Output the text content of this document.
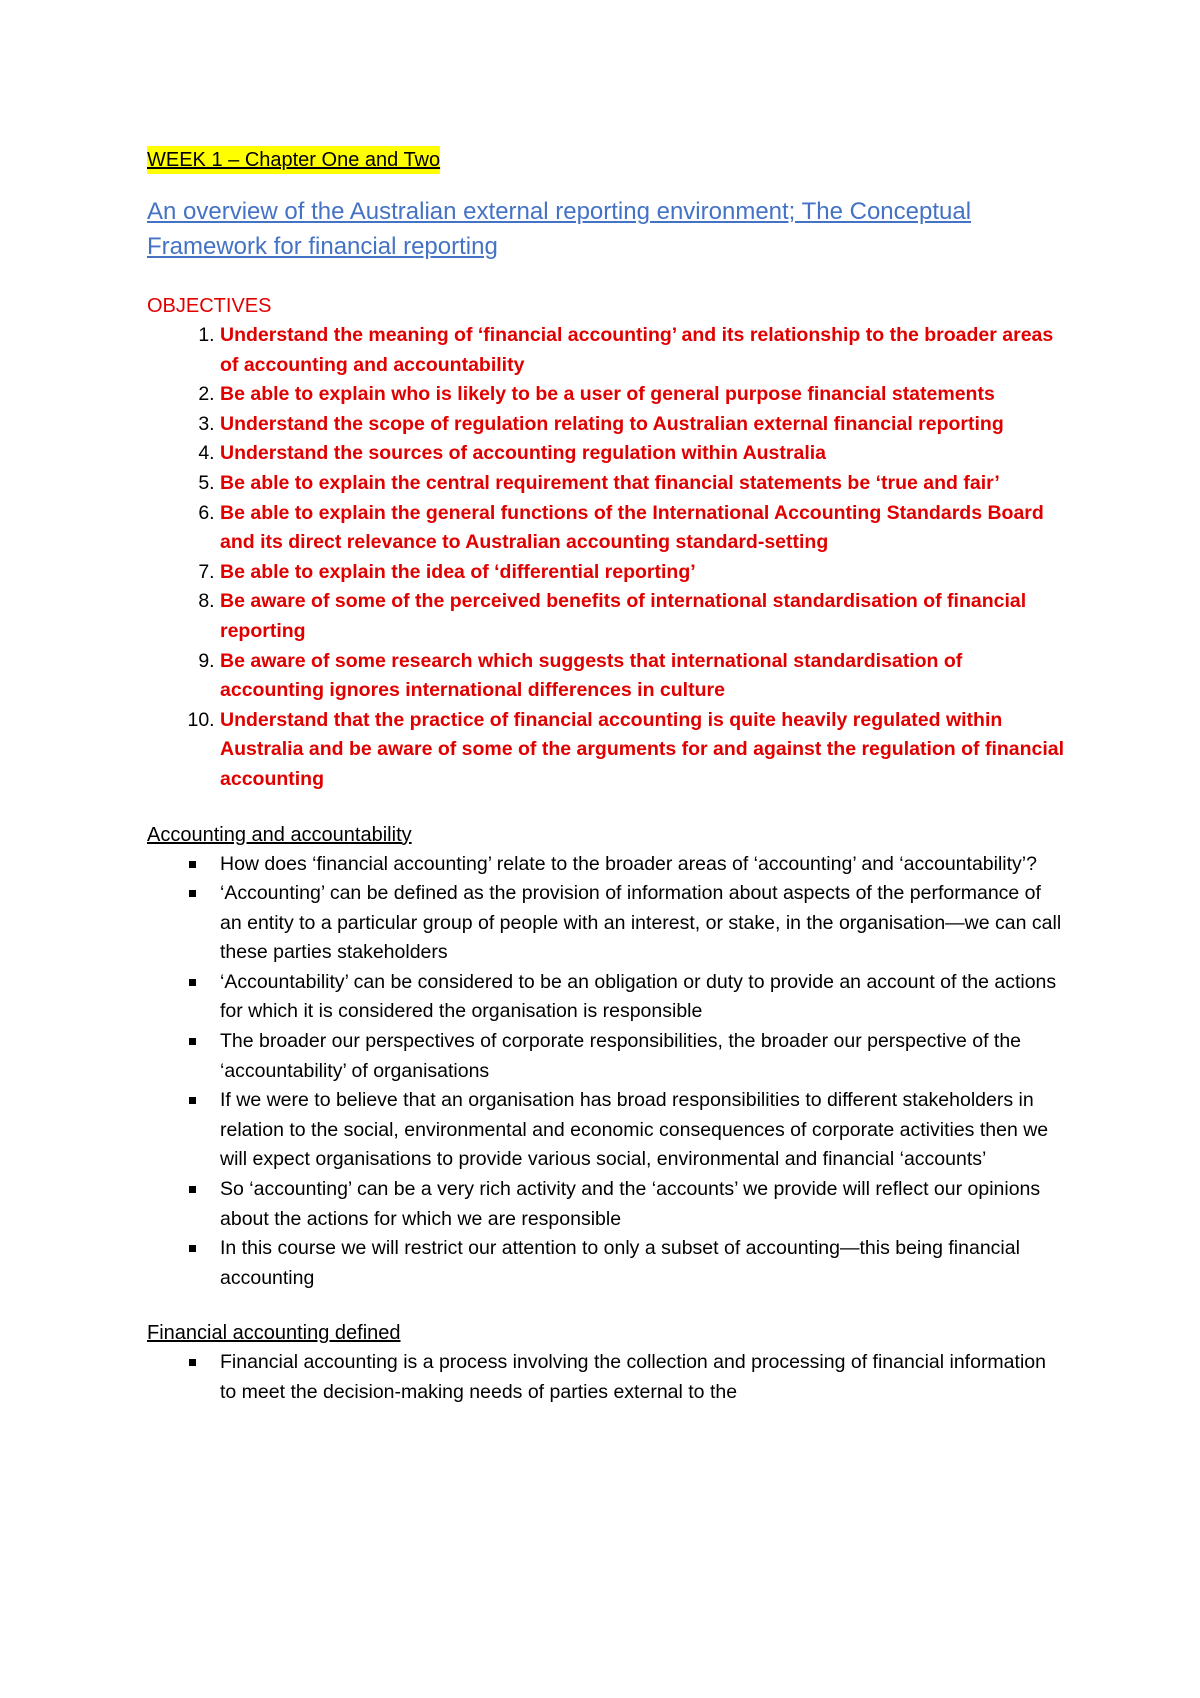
WEEK 1 – Chapter One and Two
An overview of the Australian external reporting environment; The Conceptual Framework for financial reporting
OBJECTIVES
1. Understand the meaning of ‘financial accounting’ and its relationship to the broader areas of accounting and accountability
2. Be able to explain who is likely to be a user of general purpose financial statements
3. Understand the scope of regulation relating to Australian external financial reporting
4. Understand the sources of accounting regulation within Australia
5. Be able to explain the central requirement that financial statements be ‘true and fair’
6. Be able to explain the general functions of the International Accounting Standards Board and its direct relevance to Australian accounting standard-setting
7. Be able to explain the idea of ‘differential reporting’
8. Be aware of some of the perceived benefits of international standardisation of financial reporting
9. Be aware of some research which suggests that international standardisation of accounting ignores international differences in culture
10. Understand that the practice of financial accounting is quite heavily regulated within Australia and be aware of some of the arguments for and against the regulation of financial accounting
Accounting and accountability
How does ‘financial accounting’ relate to the broader areas of ‘accounting’ and ‘accountability’?
‘Accounting’ can be defined as the provision of information about aspects of the performance of an entity to a particular group of people with an interest, or stake, in the organisation—we can call these parties stakeholders
‘Accountability’ can be considered to be an obligation or duty to provide an account of the actions for which it is considered the organisation is responsible
The broader our perspectives of corporate responsibilities, the broader our perspective of the ‘accountability’ of organisations
If we were to believe that an organisation has broad responsibilities to different stakeholders in relation to the social, environmental and economic consequences of corporate activities then we will expect organisations to provide various social, environmental and financial ‘accounts’
So ‘accounting’ can be a very rich activity and the ‘accounts’ we provide will reflect our opinions about the actions for which we are responsible
In this course we will restrict our attention to only a subset of accounting—this being financial accounting
Financial accounting defined
Financial accounting is a process involving the collection and processing of financial information to meet the decision-making needs of parties external to the
